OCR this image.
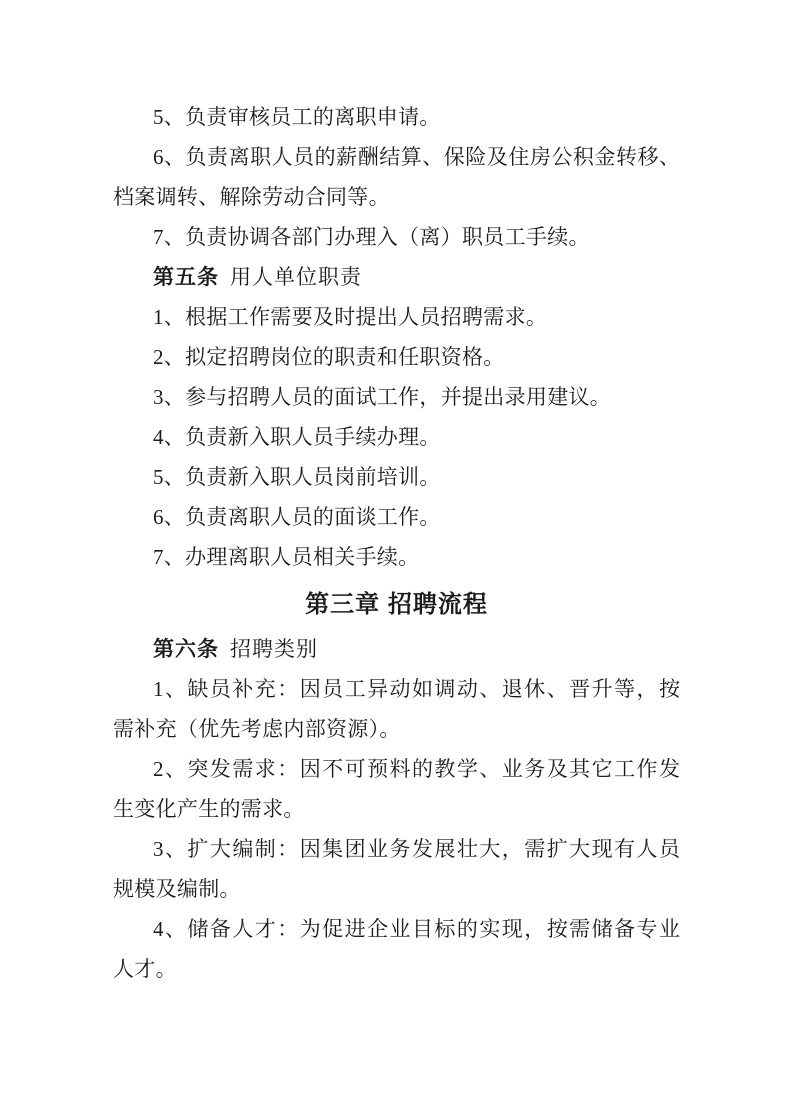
5、负责审核员工的离职申请。
6、负责离职人员的薪酬结算、保险及住房公积金转移、
档案调转、解除劳动合同等。
7、负责协调各部门办理入（离）职员工手续。
第五条 用人单位职责
1、根据工作需要及时提出人员招聘需求。
2、拟定招聘岗位的职责和任职资格。
3、参与招聘人员的面试工作，并提出录用建议。
4、负责新入职人员手续办理。
5、负责新入职人员岗前培训。
6、负责离职人员的面谈工作。
7、办理离职人员相关手续。
第三章 招聘流程
第六条 招聘类别
1、缺员补充：因员工异动如调动、退休、晋升等，按
需补充（优先考虑内部资源）。
2、突发需求：因不可预料的教学、业务及其它工作发
生变化产生的需求。
3、扩大编制：因集团业务发展壮大，需扩大现有人员
规模及编制。
4、储备人才：为促进企业目标的实现，按需储备专业
人才。
